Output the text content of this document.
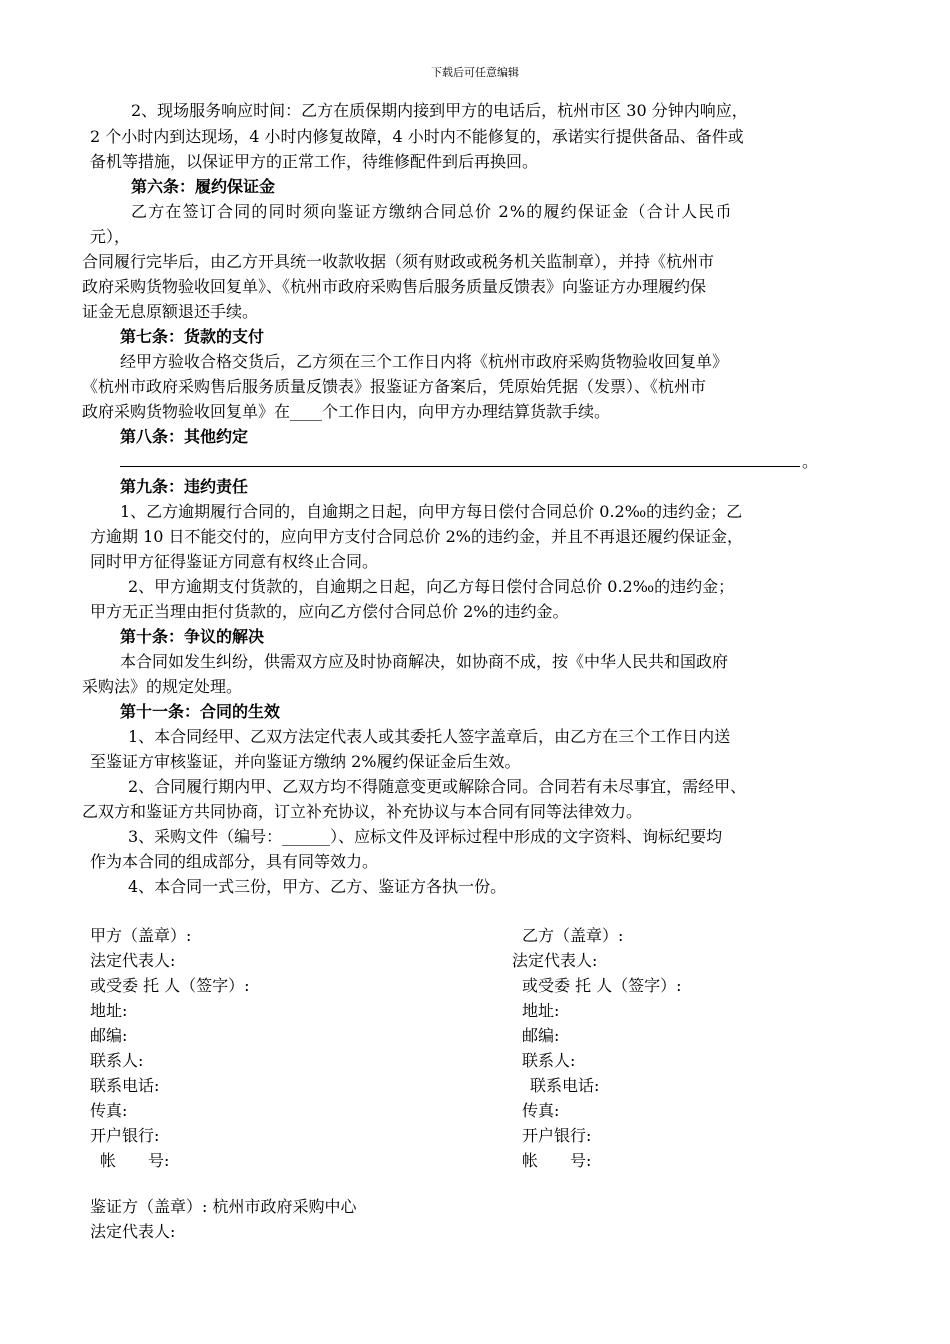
下载后可任意编辑
2、现场服务响应时间：乙方在质保期内接到甲方的电话后，杭州市区 30 分钟内响应，
2 个小时内到达现场，4 小时内修复故障，4 小时内不能修复的，承诺实行提供备品、备件或
备机等措施，以保证甲方的正常工作，待维修配件到后再换回。
第六条：履约保证金
乙方在签订合同的同时须向鉴证方缴纳合同总价 2%的履约保证金（合计人民币
元），
合同履行完毕后，由乙方开具统一收款收据（须有财政或税务机关监制章），并持《杭州市
政府采购货物验收回复单》、《杭州市政府采购售后服务质量反馈表》向鉴证方办理履约保
证金无息原额退还手续。
第七条：货款的支付
经甲方验收合格交货后，乙方须在三个工作日内将《杭州市政府采购货物验收回复单》
《杭州市政府采购售后服务质量反馈表》报鉴证方备案后，凭原始凭据（发票）、《杭州市
政府采购货物验收回复单》在____个工作日内，向甲方办理结算货款手续。
第八条：其他约定
。
第九条：违约责任
1、乙方逾期履行合同的，自逾期之日起，向甲方每日偿付合同总价 0.2‰的违约金；乙
方逾期 10 日不能交付的，应向甲方支付合同总价 2%的违约金，并且不再退还履约保证金，
同时甲方征得鉴证方同意有权终止合同。
2、甲方逾期支付货款的，自逾期之日起，向乙方每日偿付合同总价 0.2‰的违约金；
甲方无正当理由拒付货款的，应向乙方偿付合同总价 2%的违约金。
第十条：争议的解决
本合同如发生纠纷，供需双方应及时协商解决，如协商不成，按《中华人民共和国政府
采购法》的规定处理。
第十一条：合同的生效
1、本合同经甲、乙双方法定代表人或其委托人签字盖章后，由乙方在三个工作日内送
至鉴证方审核鉴证，并向鉴证方缴纳 2%履约保证金后生效。
2、合同履行期内甲、乙双方均不得随意变更或解除合同。合同若有未尽事宜，需经甲、
乙双方和鉴证方共同协商，订立补充协议，补充协议与本合同有同等法律效力。
3、采购文件（编号：______）、应标文件及评标过程中形成的文字资料、询标纪要均
作为本合同的组成部分，具有同等效力。
4、本合同一式三份，甲方、乙方、鉴证方各执一份。
甲方（盖章）:
法定代表人:
或受委 托 人（签字）:
地址:
邮编:
联系人:
联系电话:
传真:
开户银行:
帐　　号:
乙方（盖章）:
法定代表人:
或受委 托 人（签字）:
地址:
邮编:
联系人:
联系电话:
传真:
开户银行:
帐　　号:
鉴证方（盖章）: 杭州市政府采购中心
法定代表人:
